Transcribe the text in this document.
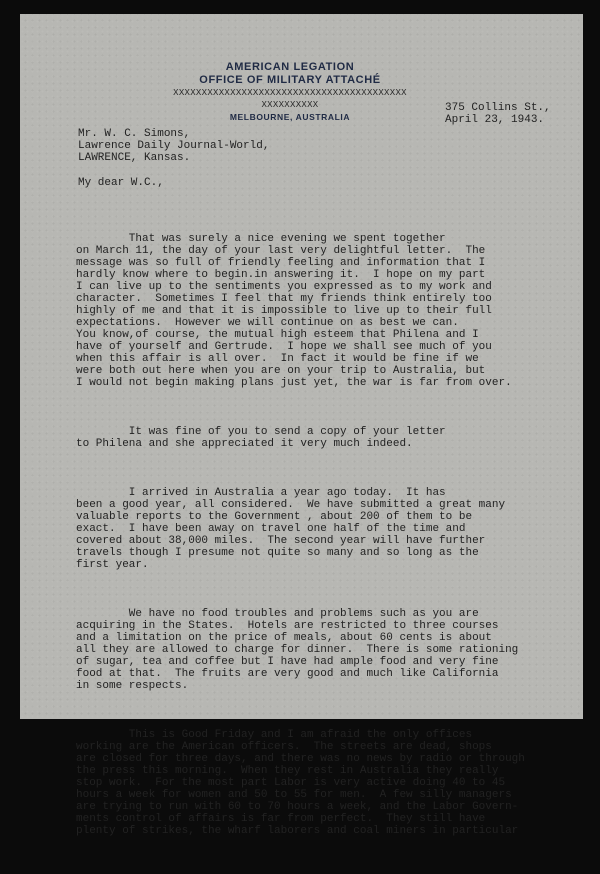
AMERICAN LEGATION
OFFICE OF MILITARY ATTACHÉ
XXXXXXXXXXXXXXXXXXXXXXXXXXXXXXXXXXXXXXXXX
XXXXXXXXXX
MELBOURNE, AUSTRALIA
375 Collins St.,
April 23, 1943.
Mr. W. C. Simons,
Lawrence Daily Journal-World,
LAWRENCE, Kansas.
My dear W.C.,

That was surely a nice evening we spent together
on March 11, the day of your last very delightful letter.  The
message was so full of friendly feeling and information that I
hardly know where to begin.in answering it.  I hope on my part
I can live up to the sentiments you expressed as to my work and
character.  Sometimes I feel that my friends think entirely too
highly of me and that it is impossible to live up to their full
expectations.  However we will continue on as best we can.
You know,of course, the mutual high esteem that Philena and I
have of yourself and Gertrude.  I hope we shall see much of you
when this affair is all over.  In fact it would be fine if we
were both out here when you are on your trip to Australia, but
I would not begin making plans just yet, the war is far from over.

It was fine of you to send a copy of your letter
to Philena and she appreciated it very much indeed.

I arrived in Australia a year ago today.  It has
been a good year, all considered.  We have submitted a great many
valuable reports to the Government , about 200 of them to be
exact.  I have been away on travel one half of the time and
covered about 38,000 miles.  The second year will have further
travels though I presume not quite so many and so long as the
first year.

We have no food troubles and problems such as you are
acquiring in the States.  Hotels are restricted to three courses
and a limitation on the price of meals, about 60 cents is about
all they are allowed to charge for dinner.  There is some rationing
of sugar, tea and coffee but I have had ample food and very fine
food at that.  The fruits are very good and much like California
in some respects.

This is Good Friday and I am afraid the only offices
working are the American officers.  The streets are dead, shops
are closed for three days, and there was no news by radio or through
the press this morning.  When they rest in Australia they really
stop work.  For the most part Labor is very active doing 40 to 45
hours a week for women and 50 to 55 for men.  A few silly managers
are trying to run with 60 to 70 hours a week, and the Labor Govern-
ments control of affairs is far from perfect.  They still have
plenty of strikes, the wharf laborers and coal miners in particular
